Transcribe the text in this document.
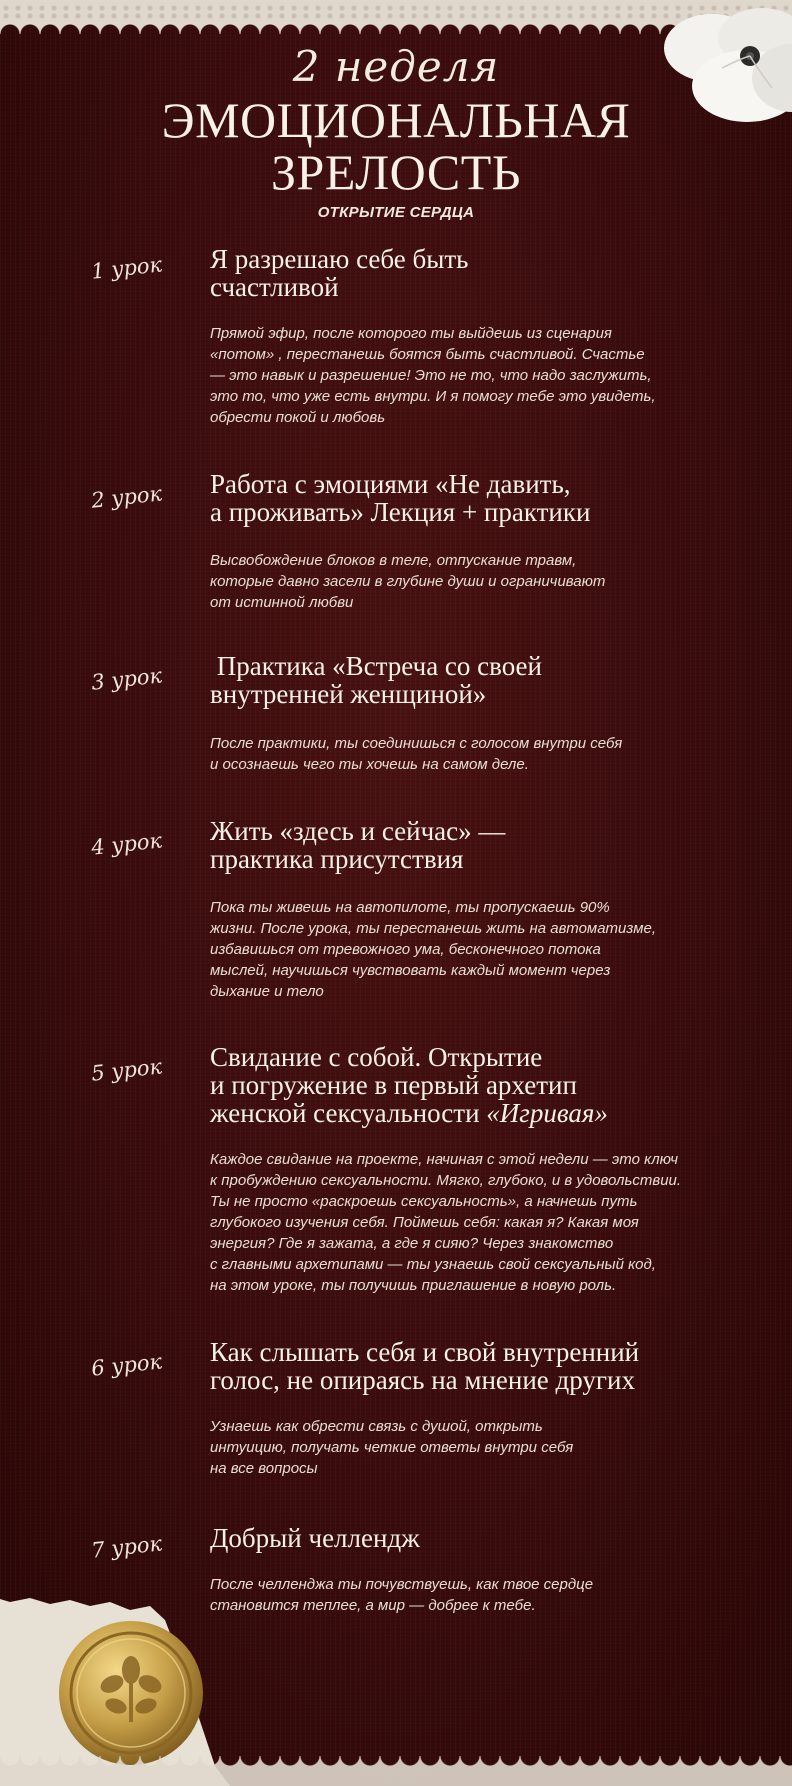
2 неделя
ЭМОЦИОНАЛЬНАЯ
ЗРЕЛОСТЬ
ОТКРЫТИЕ СЕРДЦА
1 урок	Я разрешаю себе быть
счастливой
Прямой эфир, после которого ты выйдешь из сценария
«потом» , перестанешь боятся быть счастливой. Счастье
— это навык и разрешение! Это не то, что надо заслужить,
это то, что уже есть внутри. И я помогу тебе это увидеть,
обрести покой и любовь
2 урок	Работа с эмоциями «Не давить,
а проживать» Лекция + практики
Высвобождение блоков в теле, отпускание травм,
которые давно засели в глубине души и ограничивают
от истинной любви
3 урок	Практика «Встреча со своей
внутренней женщиной»
После практики, ты соединишься с голосом внутри себя
и осознаешь чего ты хочешь на самом деле.
4 урок	Жить «здесь и сейчас» —
практика присутствия
Пока ты живешь на автопилоте, ты пропускаешь 90%
жизни. После урока, ты перестанешь жить на автоматизме,
избавишься от тревожного ума, бесконечного потока
мыслей, научишься чувствовать каждый момент через
дыхание и тело
5 урок	Свидание с собой. Открытие
и погружение в первый архетип
женской сексуальности «Игривая»
Каждое свидание на проекте, начиная с этой недели — это ключ
к пробуждению сексуальности. Мягко, глубоко, и в удовольствии.
Ты не просто «раскроешь сексуальность», а начнешь путь
глубокого изучения себя. Поймешь себя: какая я? Какая моя
энергия? Где я зажата, а где я сияю? Через знакомство
с главными архетипами — ты узнаешь свой сексуальный код,
на этом уроке, ты получишь приглашение в новую роль.
6 урок	Как слышать себя и свой внутренний
голос, не опираясь на мнение других
Узнаешь как обрести связь с душой, открыть
интуицию, получать четкие ответы внутри себя
на все вопросы
7 урок	Добрый челлендж
После челленджа ты почувствуешь, как твое сердце
становится теплее, а мир — добрее к тебе.
